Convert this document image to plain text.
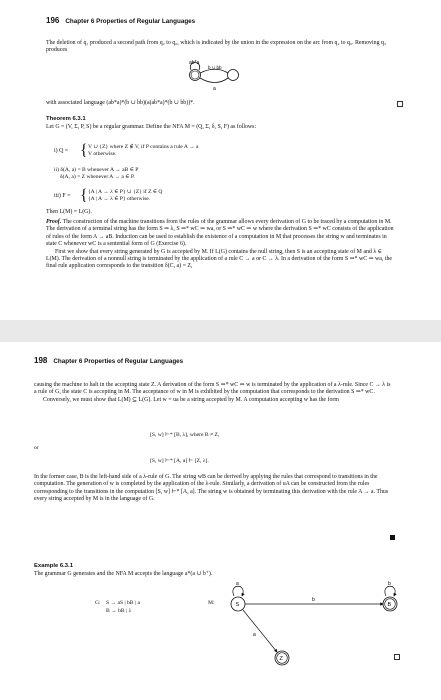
196 Chapter 6 Properties of Regular Languages

The deletion of q₁ produced a second path from q₂ to q₀, which is indicated by the union in the expression on the arc from q₂ to q₀. Removing q₂ produces

ab*a
b ∪ bb
a
with associated language (ab*a)*(b ∪ bb)(a(ab*a)*(b ∪ bb))*.
Theorem 6.3.1
Let G = (V, Σ, P, S) be a regular grammar. Define the NFA M = (Q, Σ, δ, S, F) as follows:
i) Q = { V ∪ {Z} where Z ∉ V, if P contains a rule A → a
V otherwise.
ii) δ(A, a) = B whenever A → aB ∈ P
δ(A, a) = Z whenever A → a ∈ P.
iii) F = { {A | A → λ ∈ P} ∪ {Z} if Z ∈ Q
{A | A → λ ∈ P} otherwise.
Then L(M) = L(G).

Proof. The construction of the machine transitions from the rules of the grammar allows every derivation of G to be traced by a computation in M. The derivation of a terminal string has the form S ⇒ λ, S ⇒* wC ⇒ wa, or S ⇒* wC ⇒ w where the derivation S ⇒* wC consists of the application of rules of the form A → aB. Induction can be used to establish the existence of a computation in M that processes the string w and terminates in state C whenever wC is a sentential form of G (Exercise 6).

First we show that every string generated by G is accepted by M. If L(G) contains the null string, then S is an accepting state of M and λ ∈ L(M). The derivation of a nonnull string is terminated by the application of a rule C → a or C → λ. In a derivation of the form S ⇒* wC ⇒ wa, the final rule application corresponds to the transition δ(C, a) = Z,

198 Chapter 6 Properties of Regular Languages

causing the machine to halt in the accepting state Z. A derivation of the form S ⇒* wC ⇒ w is terminated by the application of a λ-rule. Since C → λ is a rule of G, the state C is accepting in M. The acceptance of w in M is exhibited by the computation that corresponds to the derivation S ⇒* wC.

Conversely, we must show that L(M) ⊆ L(G). Let w = ua be a string accepted by M. A computation accepting w has the form

[S, w] ⊢* [B, λ], where B ≠ Z,
or
[S, w] ⊢* [A, a] ⊢ [Z, λ].
In the former case, B is the left-hand side of a λ-rule of G. The string wB can be derived by applying the rules that correspond to transitions in the computation. The generation of w is completed by the application of the λ-rule. Similarly, a derivation of uA can be constructed from the rules corresponding to the transitions in the computation [S, w] ⊢* [A, a]. The string w is obtained by terminating this derivation with the rule A → a. Thus every string accepted by M is in the language of G.
Example 6.3.1
The grammar G generates and the NFA M accepts the language a*(a ∪ b⁺).
G: S → aS | bB | a
B → bB | λ
M:
a
S
b
b
B
a
Z
